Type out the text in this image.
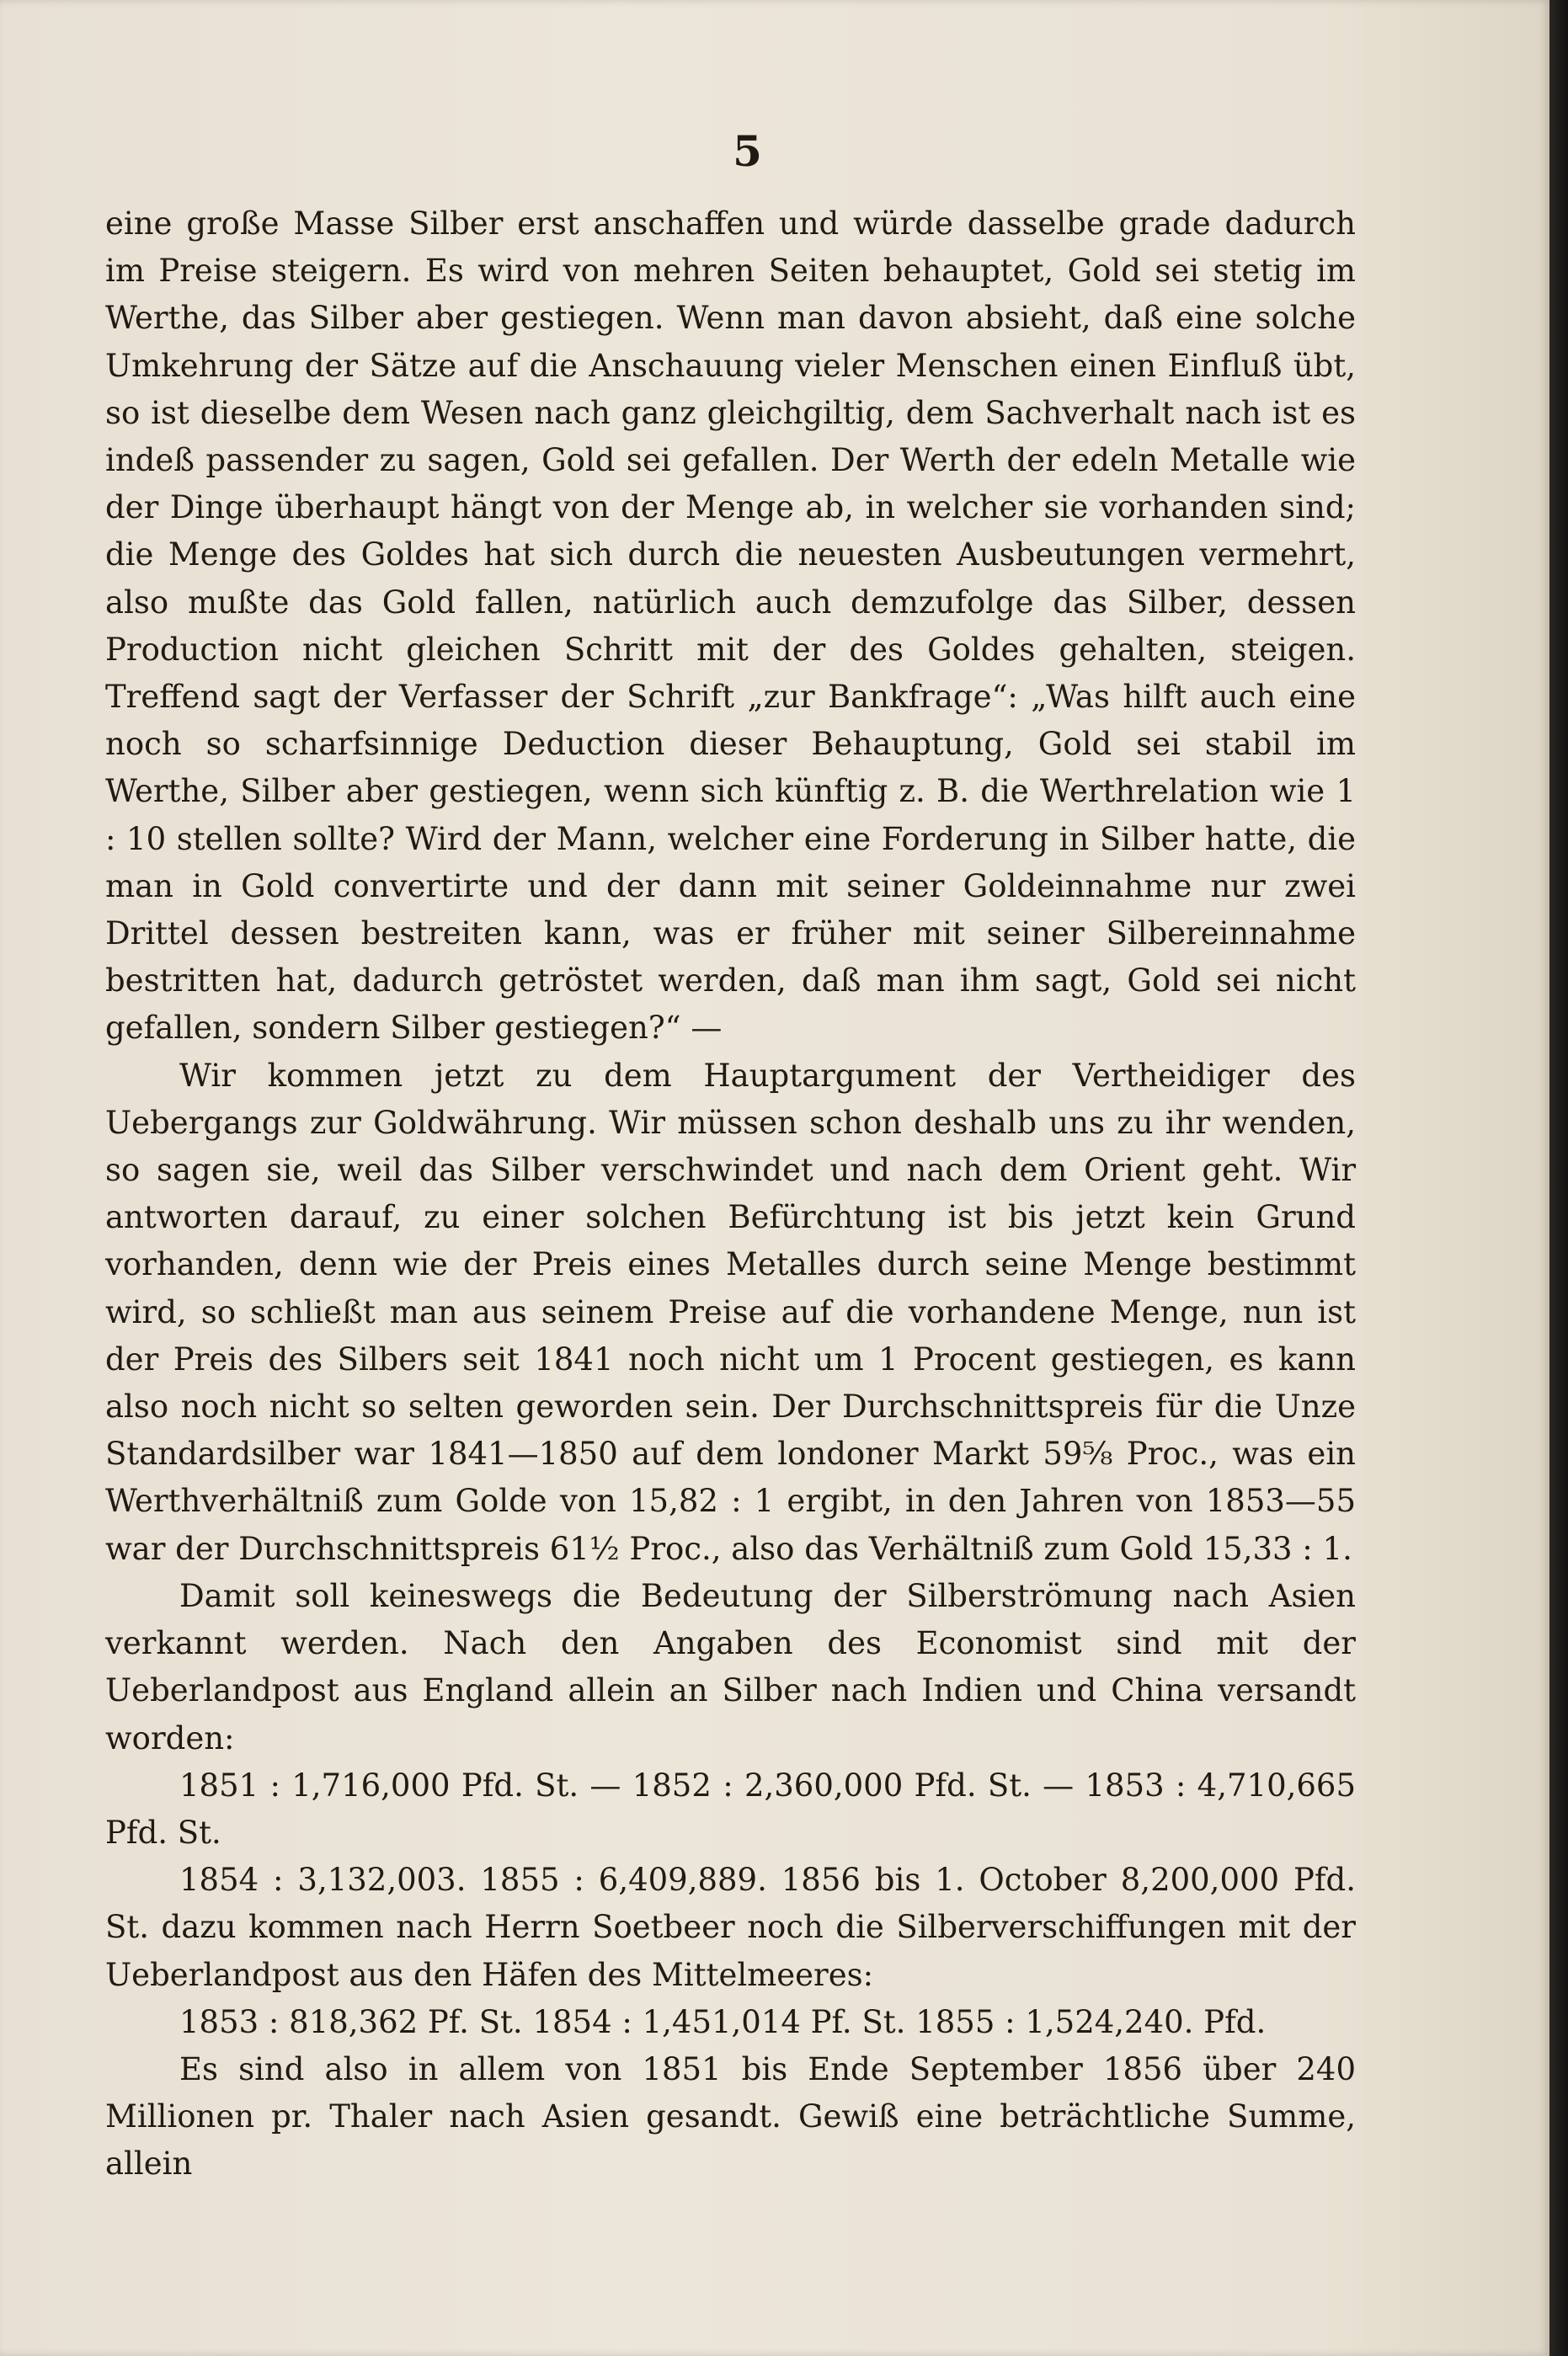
5

eine große Masse Silber erst anschaffen und würde dasselbe grade dadurch im Preise steigern. Es wird von mehren Seiten behauptet, Gold sei stetig im Werthe, das Silber aber gestiegen. Wenn man davon absieht, daß eine solche Umkehrung der Sätze auf die Anschauung vieler Menschen einen Einfluß übt, so ist dieselbe dem Wesen nach ganz gleichgiltig, dem Sachverhalt nach ist es indeß passender zu sagen, Gold sei gefallen. Der Werth der edeln Metalle wie der Dinge überhaupt hängt von der Menge ab, in welcher sie vorhanden sind; die Menge des Goldes hat sich durch die neuesten Ausbeutungen vermehrt, also mußte das Gold fallen, natürlich auch demzufolge das Silber, dessen Production nicht gleichen Schritt mit der des Goldes gehalten, steigen. Treffend sagt der Verfasser der Schrift „zur Bankfrage“: „Was hilft auch eine noch so scharfsinnige Deduction dieser Behauptung, Gold sei stabil im Werthe, Silber aber gestiegen, wenn sich künftig z. B. die Werthrelation wie 1 : 10 stellen sollte? Wird der Mann, welcher eine Forderung in Silber hatte, die man in Gold convertirte und der dann mit seiner Goldeinnahme nur zwei Drittel dessen bestreiten kann, was er früher mit seiner Silbereinnahme bestritten hat, dadurch getröstet werden, daß man ihm sagt, Gold sei nicht gefallen, sondern Silber gestiegen?“ —

Wir kommen jetzt zu dem Hauptargument der Vertheidiger des Uebergangs zur Goldwährung. Wir müssen schon deshalb uns zu ihr wenden, so sagen sie, weil das Silber verschwindet und nach dem Orient geht. Wir antworten darauf, zu einer solchen Befürchtung ist bis jetzt kein Grund vorhanden, denn wie der Preis eines Metalles durch seine Menge bestimmt wird, so schließt man aus seinem Preise auf die vorhandene Menge, nun ist der Preis des Silbers seit 1841 noch nicht um 1 Procent gestiegen, es kann also noch nicht so selten geworden sein. Der Durchschnittspreis für die Unze Standardsilber war 1841—1850 auf dem londoner Markt 59⁵⁄₈ Proc., was ein Werthverhältniß zum Golde von 15,82 : 1 ergibt, in den Jahren von 1853—55 war der Durchschnittspreis 61½ Proc., also das Verhältniß zum Gold 15,33 : 1.

Damit soll keineswegs die Bedeutung der Silberströmung nach Asien verkannt werden. Nach den Angaben des Economist sind mit der Ueberlandpost aus England allein an Silber nach Indien und China versandt worden:

1851 : 1,716,000 Pfd. St. — 1852 : 2,360,000 Pfd. St. — 1853 : 4,710,665 Pfd. St.

1854 : 3,132,003. 1855 : 6,409,889. 1856 bis 1. October 8,200,000 Pfd. St. dazu kommen nach Herrn Soetbeer noch die Silberverschiffungen mit der Ueberlandpost aus den Häfen des Mittelmeeres:

1853 : 818,362 Pf. St. 1854 : 1,451,014 Pf. St. 1855 : 1,524,240. Pfd.

Es sind also in allem von 1851 bis Ende September 1856 über 240 Millionen pr. Thaler nach Asien gesandt. Gewiß eine beträchtliche Summe, allein
